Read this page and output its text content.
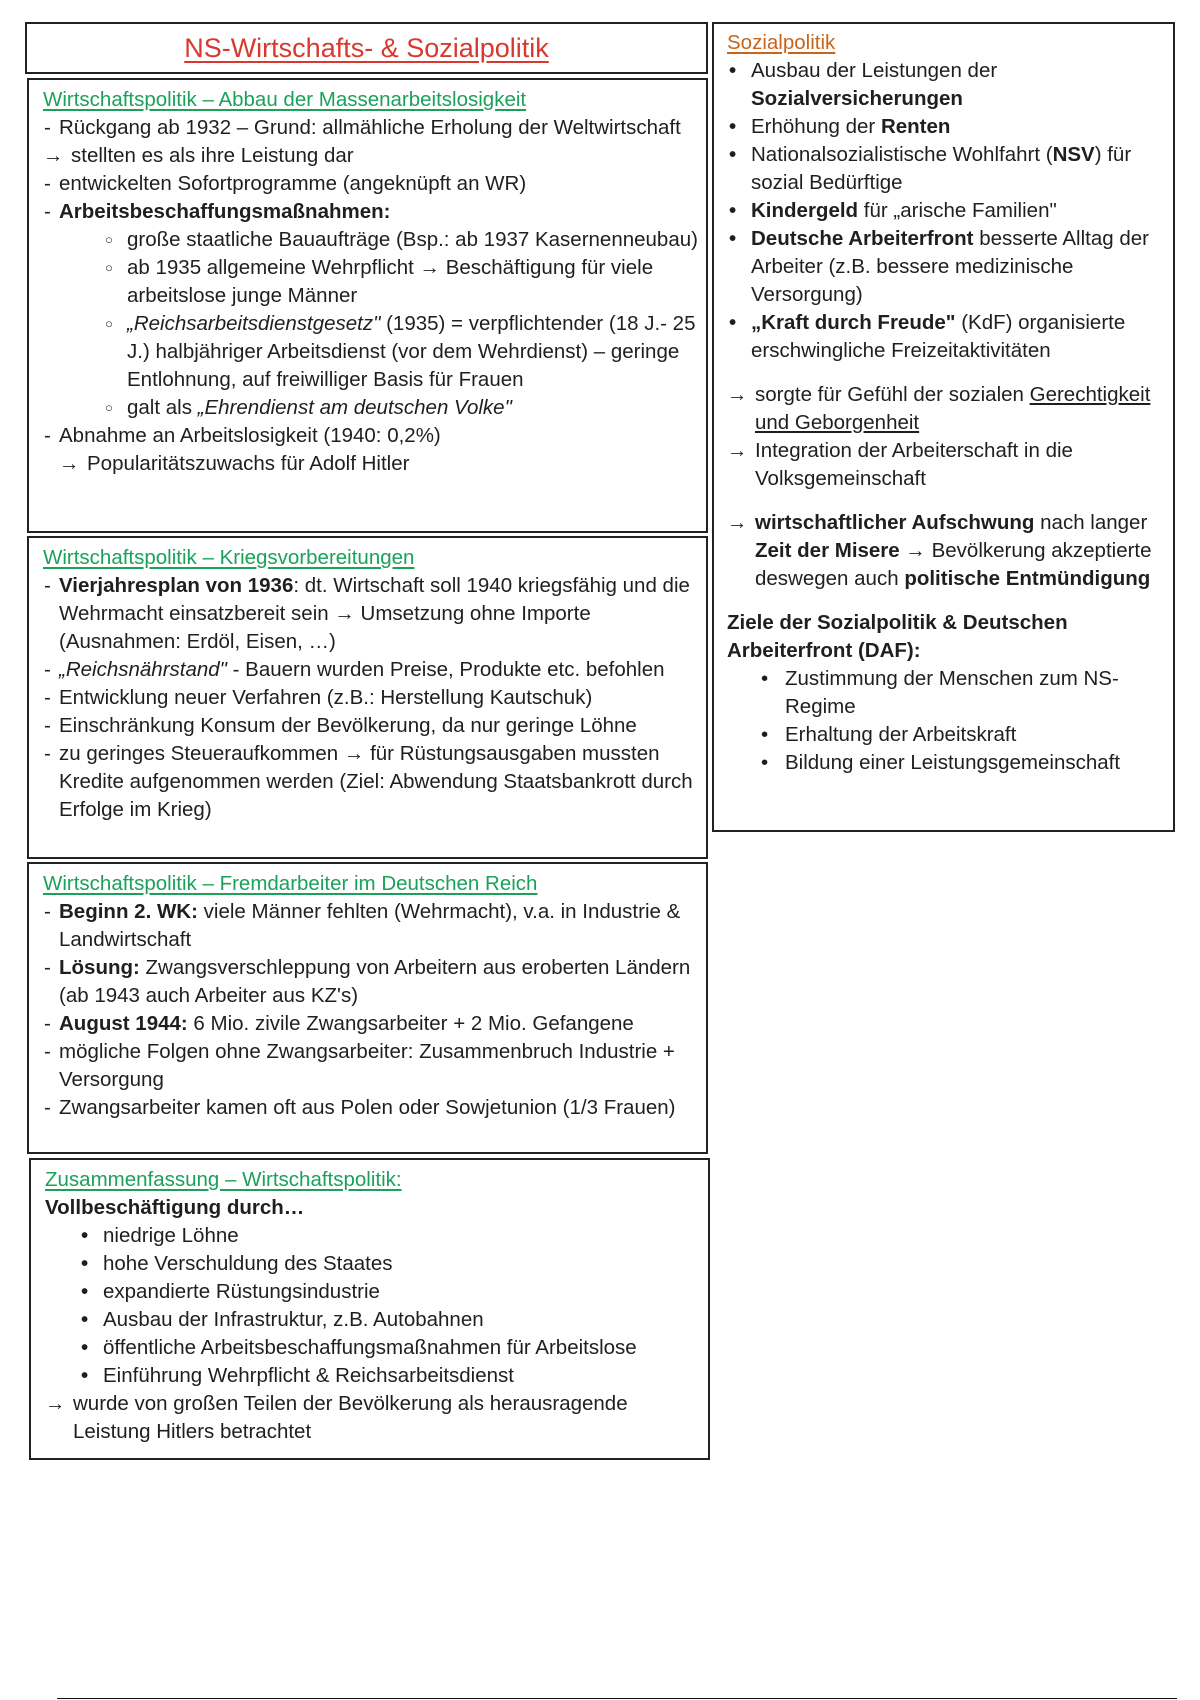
NS-Wirtschafts- & Sozialpolitik
Wirtschaftspolitik – Abbau der Massenarbeitslosigkeit
- Rückgang ab 1932 – Grund: allmähliche Erholung der Weltwirtschaft
→ stellten es als ihre Leistung dar
- entwickelten Sofortprogramme (angeknüpft an WR)
- Arbeitsbeschaffungsmaßnahmen:
○ große staatliche Bauaufträge (Bsp.: ab 1937 Kasernenneubau)
○ ab 1935 allgemeine Wehrpflicht → Beschäftigung für viele arbeitslose junge Männer
○ „Reichsarbeitsdienstgesetz" (1935) = verpflichtender (18 J.- 25 J.) halbjähriger Arbeitsdienst (vor dem Wehrdienst) – geringe Entlohnung, auf freiwilliger Basis für Frauen
○ galt als „Ehrendienst am deutschen Volke"
- Abnahme an Arbeitslosigkeit (1940: 0,2%)
→ Popularitätszuwachs für Adolf Hitler
Wirtschaftspolitik – Kriegsvorbereitungen
- Vierjahresplan von 1936: dt. Wirtschaft soll 1940 kriegsfähig und die Wehrmacht einsatzbereit sein → Umsetzung ohne Importe (Ausnahmen: Erdöl, Eisen, …)
- „Reichsnährstand" - Bauern wurden Preise, Produkte etc. befohlen
- Entwicklung neuer Verfahren (z.B.: Herstellung Kautschuk)
- Einschränkung Konsum der Bevölkerung, da nur geringe Löhne
- zu geringes Steueraufkommen → für Rüstungsausgaben mussten Kredite aufgenommen werden (Ziel: Abwendung Staatsbankrott durch Erfolge im Krieg)
Wirtschaftspolitik – Fremdarbeiter im Deutschen Reich
- Beginn 2. WK: viele Männer fehlten (Wehrmacht), v.a. in Industrie & Landwirtschaft
- Lösung: Zwangsverschleppung von Arbeitern aus eroberten Ländern (ab 1943 auch Arbeiter aus KZ's)
- August 1944: 6 Mio. zivile Zwangsarbeiter + 2 Mio. Gefangene
- mögliche Folgen ohne Zwangsarbeiter: Zusammenbruch Industrie + Versorgung
- Zwangsarbeiter kamen oft aus Polen oder Sowjetunion (1/3 Frauen)
Zusammenfassung – Wirtschaftspolitik:
Vollbeschäftigung durch…
• niedrige Löhne
• hohe Verschuldung des Staates
• expandierte Rüstungsindustrie
• Ausbau der Infrastruktur, z.B. Autobahnen
• öffentliche Arbeitsbeschaffungsmaßnahmen für Arbeitslose
• Einführung Wehrpflicht & Reichsarbeitsdienst
→ wurde von großen Teilen der Bevölkerung als herausragende Leistung Hitlers betrachtet
Sozialpolitik
• Ausbau der Leistungen der Sozialversicherungen
• Erhöhung der Renten
• Nationalsozialistische Wohlfahrt (NSV) für sozial Bedürftige
• Kindergeld für „arische Familien"
• Deutsche Arbeiterfront besserte Alltag der Arbeiter (z.B. bessere medizinische Versorgung)
• „Kraft durch Freude" (KdF) organisierte erschwingliche Freizeitaktivitäten
→ sorgte für Gefühl der sozialen Gerechtigkeit und Geborgenheit
→ Integration der Arbeiterschaft in die Volksgemeinschaft
→ wirtschaftlicher Aufschwung nach langer Zeit der Misere → Bevölkerung akzeptierte deswegen auch politische Entmündigung
Ziele der Sozialpolitik & Deutschen Arbeiterfront (DAF):
• Zustimmung der Menschen zum NS-Regime
• Erhaltung der Arbeitskraft
• Bildung einer Leistungsgemeinschaft
